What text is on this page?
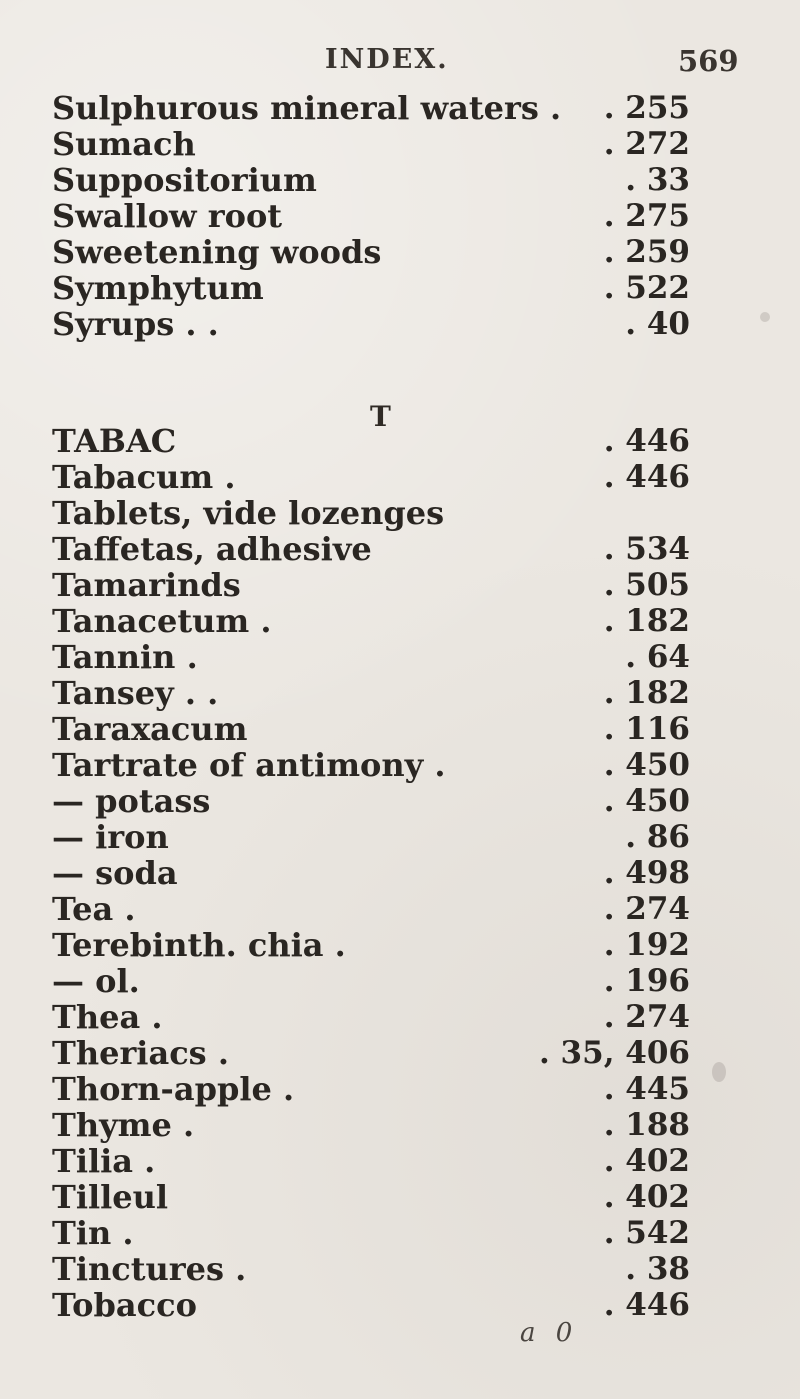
INDEX.	569
T
Sulphurous mineral waters . . 255
Sumach	. 272
Suppositorium	. 33
Swallow root	. 275
Sweetening woods	. 259
Symphytum	. 522
Syrups . .	. 40
TABAC	. 446
Tabacum .	. 446
Tablets, vide lozenges
Taffetas, adhesive	. 534
Tamarinds	. 505
Tanacetum .	. 182
Tannin .	. 64
Tansey . .	. 182
Taraxacum	. 116
Tartrate of antimony .	. 450
— potass	. 450
— iron	. 86
— soda	. 498
Tea .	. 274
Terebinth. chia .	. 192
— ol.	. 196
Thea .	. 274
Theriacs .	. 35, 406
Thorn-apple .	. 445
Thyme .	. 188
Tilia .	. 402
Tilleul	. 402
Tin .	. 542
Tinctures .	. 38
Tobacco	. 446
a 0
